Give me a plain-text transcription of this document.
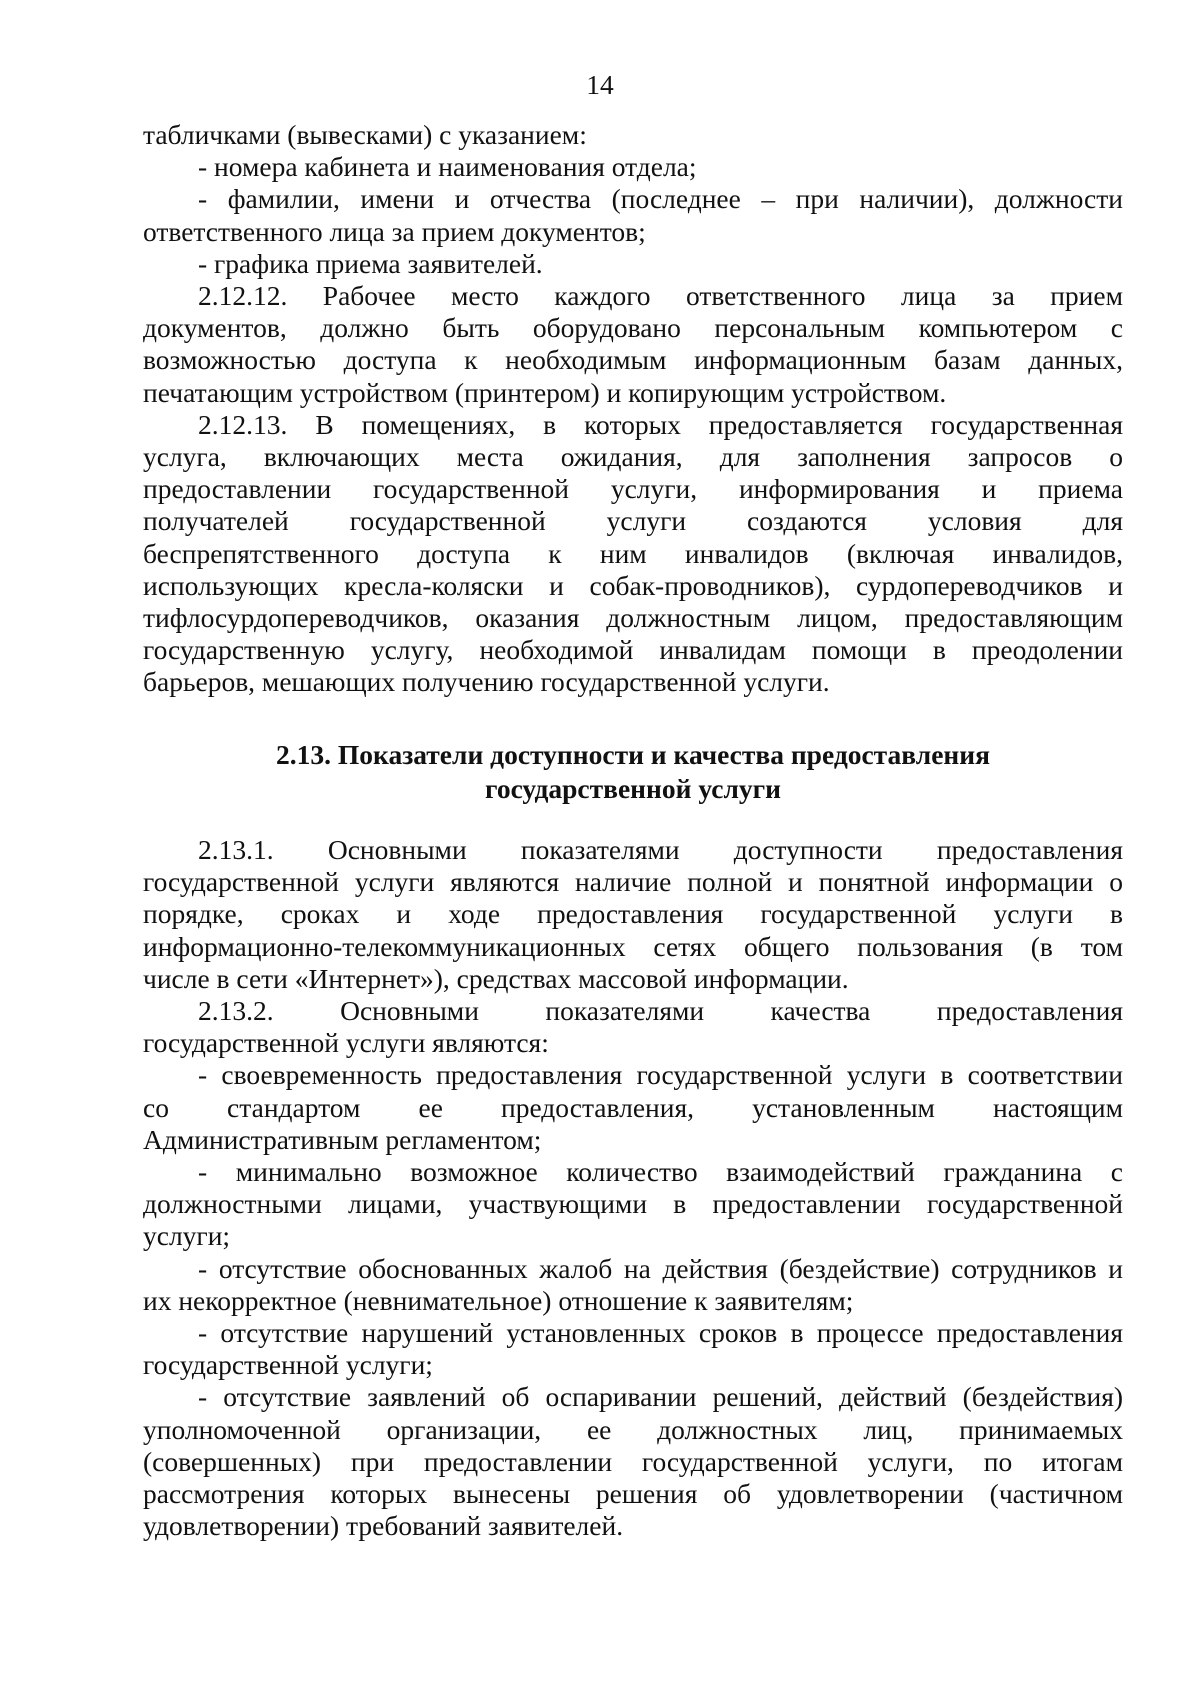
14
табличками (вывесками) с указанием:
- номера кабинета и наименования отдела;
- фамилии, имени и отчества (последнее – при наличии), должности
ответственного лица за прием документов;
- графика приема заявителей.
2.12.12. Рабочее место каждого ответственного лица за прием
документов, должно быть оборудовано персональным компьютером с
возможностью доступа к необходимым информационным базам данных,
печатающим устройством (принтером) и копирующим устройством.
2.12.13. В помещениях, в которых предоставляется государственная
услуга, включающих места ожидания, для заполнения запросов о
предоставлении государственной услуги, информирования и приема
получателей государственной услуги создаются условия для
беспрепятственного доступа к ним инвалидов (включая инвалидов,
использующих кресла-коляски и собак-проводников), сурдопереводчиков и
тифлосурдопереводчиков, оказания должностным лицом, предоставляющим
государственную услугу, необходимой инвалидам помощи в преодолении
барьеров, мешающих получению государственной услуги.
2.13. Показатели доступности и качества предоставления
государственной услуги
2.13.1. Основными показателями доступности предоставления
государственной услуги являются наличие полной и понятной информации о
порядке, сроках и ходе предоставления государственной услуги в
информационно-телекоммуникационных сетях общего пользования (в том
числе в сети «Интернет»), средствах массовой информации.
2.13.2. Основными показателями качества предоставления
государственной услуги являются:
- своевременность предоставления государственной услуги в соответствии
со стандартом ее предоставления, установленным настоящим
Административным регламентом;
- минимально возможное количество взаимодействий гражданина с
должностными лицами, участвующими в предоставлении государственной
услуги;
- отсутствие обоснованных жалоб на действия (бездействие) сотрудников и
их некорректное (невнимательное) отношение к заявителям;
- отсутствие нарушений установленных сроков в процессе предоставления
государственной услуги;
- отсутствие заявлений об оспаривании решений, действий (бездействия)
уполномоченной организации, ее должностных лиц, принимаемых
(совершенных) при предоставлении государственной услуги, по итогам
рассмотрения которых вынесены решения об удовлетворении (частичном
удовлетворении) требований заявителей.
